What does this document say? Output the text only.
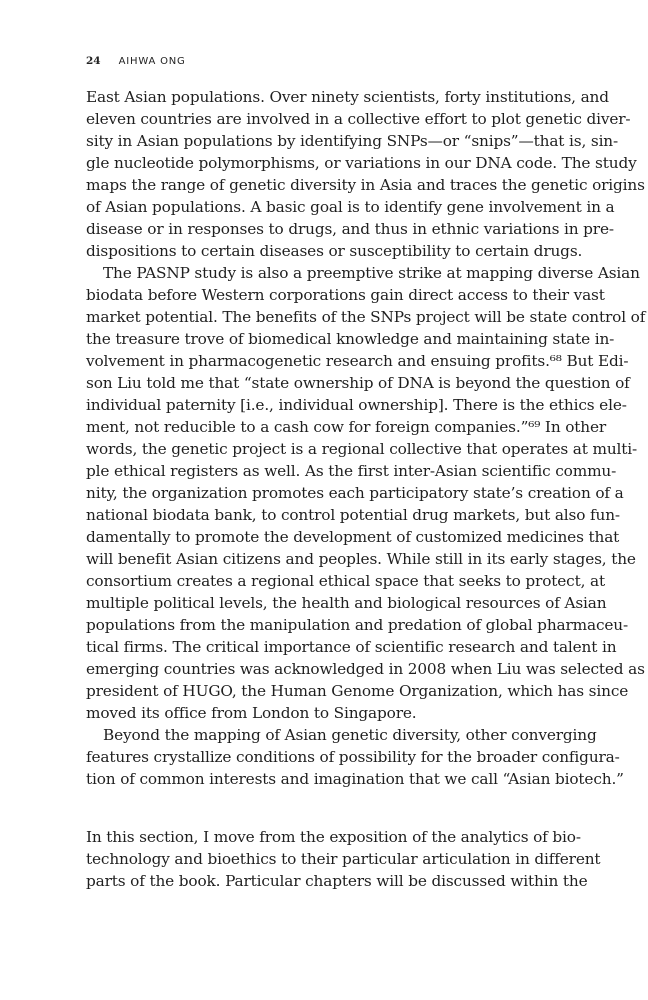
24 AIHWA ONG
East Asian populations. Over ninety scientists, forty institutions, and
eleven countries are involved in a collective effort to plot genetic diver-
sity in Asian populations by identifying SNPs—or “snips”—that is, sin-
gle nucleotide polymorphisms, or variations in our DNA code. The study
maps the range of genetic diversity in Asia and traces the genetic origins
of Asian populations. A basic goal is to identify gene involvement in a
disease or in responses to drugs, and thus in ethnic variations in pre-
dispositions to certain diseases or susceptibility to certain drugs.
The PASNP study is also a preemptive strike at mapping diverse Asian
biodata before Western corporations gain direct access to their vast
market potential. The benefits of the SNPs project will be state control of
the treasure trove of biomedical knowledge and maintaining state in-
volvement in pharmacogenetic research and ensuing profits.⁶⁸ But Edi-
son Liu told me that “state ownership of DNA is beyond the question of
individual paternity [i.e., individual ownership]. There is the ethics ele-
ment, not reducible to a cash cow for foreign companies.”⁶⁹ In other
words, the genetic project is a regional collective that operates at multi-
ple ethical registers as well. As the first inter-Asian scientific commu-
nity, the organization promotes each participatory state’s creation of a
national biodata bank, to control potential drug markets, but also fun-
damentally to promote the development of customized medicines that
will benefit Asian citizens and peoples. While still in its early stages, the
consortium creates a regional ethical space that seeks to protect, at
multiple political levels, the health and biological resources of Asian
populations from the manipulation and predation of global pharmaceu-
tical firms. The critical importance of scientific research and talent in
emerging countries was acknowledged in 2008 when Liu was selected as
president of HUGO, the Human Genome Organization, which has since
moved its office from London to Singapore.
Beyond the mapping of Asian genetic diversity, other converging
features crystallize conditions of possibility for the broader configura-
tion of common interests and imagination that we call “Asian biotech.”
In this section, I move from the exposition of the analytics of bio-
technology and bioethics to their particular articulation in different
parts of the book. Particular chapters will be discussed within the
